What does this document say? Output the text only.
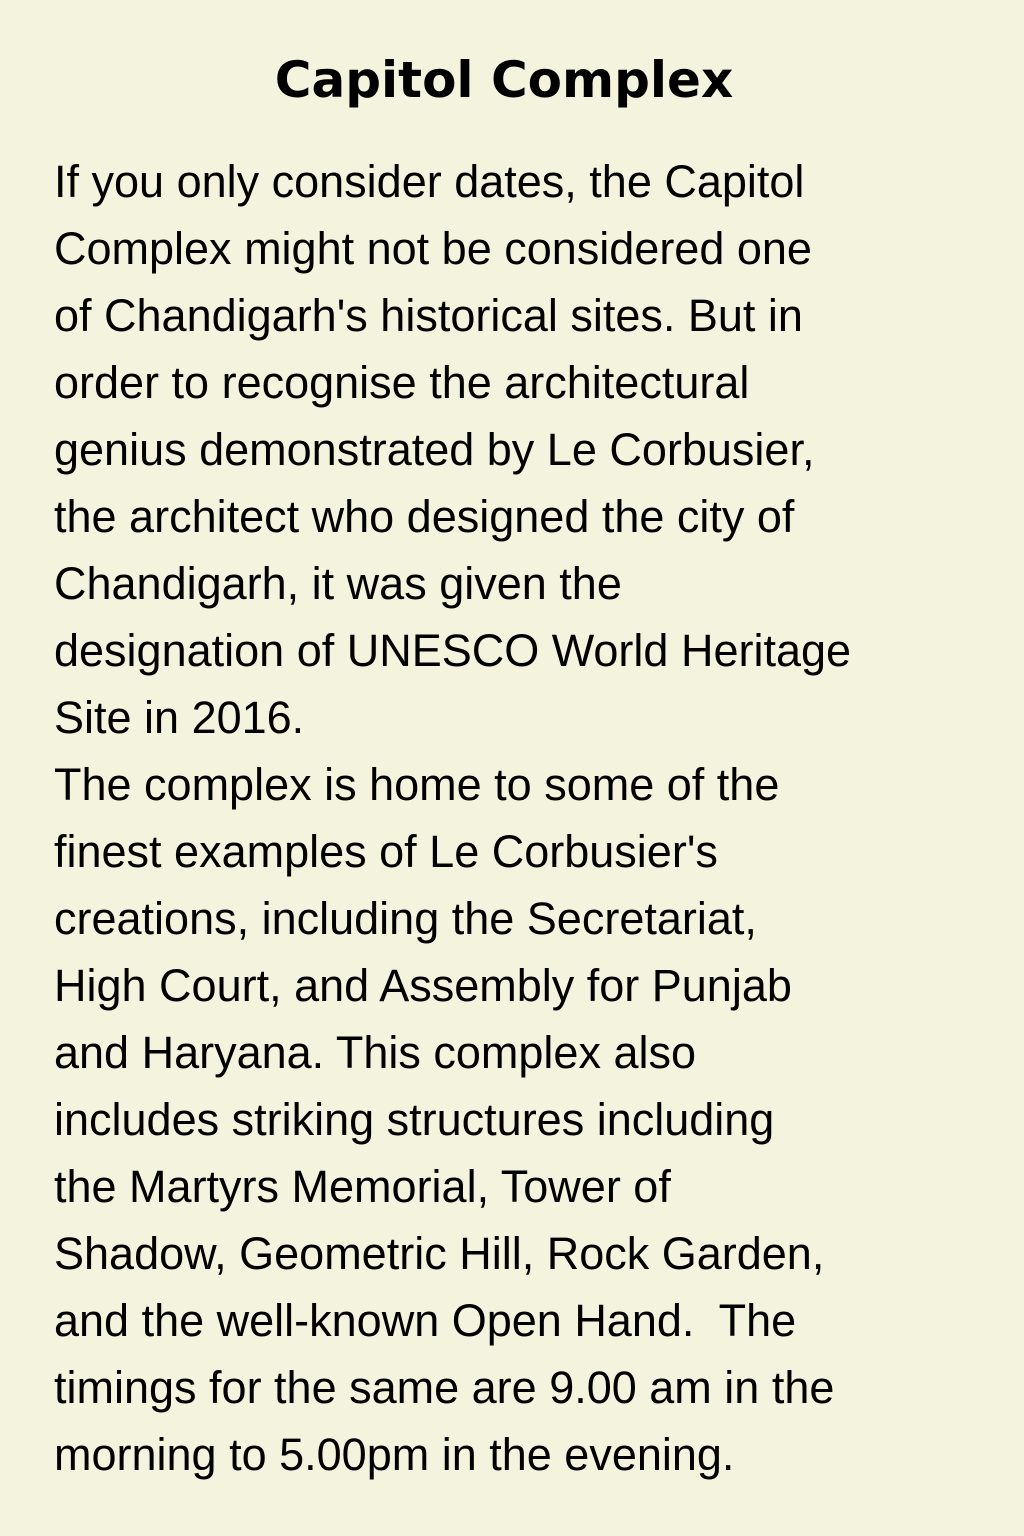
Capitol Complex
If you only consider dates, the Capitol
Complex might not be considered one
of Chandigarh's historical sites. But in
order to recognise the architectural
genius demonstrated by Le Corbusier,
the architect who designed the city of
Chandigarh, it was given the
designation of UNESCO World Heritage
Site in 2016.
The complex is home to some of the
finest examples of Le Corbusier's
creations, including the Secretariat,
High Court, and Assembly for Punjab
and Haryana. This complex also
includes striking structures including
the Martyrs Memorial, Tower of
Shadow, Geometric Hill, Rock Garden,
and the well-known Open Hand.  The
timings for the same are 9.00 am in the
morning to 5.00pm in the evening.
